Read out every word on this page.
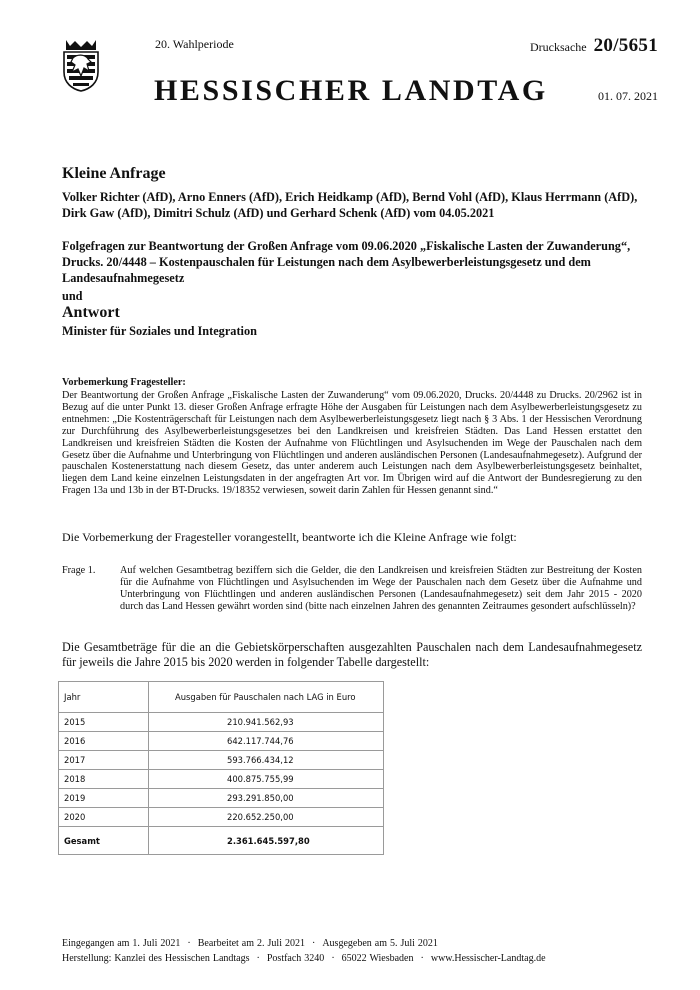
20. Wahlperiode	Drucksache 20/5651
HESSISCHER LANDTAG	01. 07. 2021
Kleine Anfrage
Volker Richter (AfD), Arno Enners (AfD), Erich Heidkamp (AfD), Bernd Vohl (AfD), Klaus Herrmann (AfD), Dirk Gaw (AfD), Dimitri Schulz (AfD) und Gerhard Schenk (AfD) vom 04.05.2021
Folgefragen zur Beantwortung der Großen Anfrage vom 09.06.2020 „Fiskalische Lasten der Zuwanderung“, Drucks. 20/4448 – Kostenpauschalen für Leistungen nach dem Asylbewerberleistungsgesetz und dem Landesaufnahmegesetz
und
Antwort
Minister für Soziales und Integration
Vorbemerkung Fragesteller:
Der Beantwortung der Großen Anfrage „Fiskalische Lasten der Zuwanderung“ vom 09.06.2020, Drucks. 20/4448 zu Drucks. 20/2962 ist in Bezug auf die unter Punkt 13. dieser Großen Anfrage erfragte Höhe der Ausgaben für Leistungen nach dem Asylbewerberleistungsgesetz zu entnehmen: „Die Kostenträgerschaft für Leistungen nach dem Asylbewerberleistungsgesetz liegt nach § 3 Abs. 1 der Hessischen Verordnung zur Durchführung des Asylbewerberleistungsgesetzes bei den Landkreisen und kreisfreien Städten. Das Land Hessen erstattet den Landkreisen und kreisfreien Städten die Kosten der Aufnahme von Flüchtlingen und Asylsuchenden im Wege der Pauschalen nach dem Gesetz über die Aufnahme und Unterbringung von Flüchtlingen und anderen ausländischen Personen (Landesaufnahmegesetz). Aufgrund der pauschalen Kostenerstattung nach diesem Gesetz, das unter anderem auch Leistungen nach dem Asylbewerberleistungsgesetz beinhaltet, liegen dem Land keine einzelnen Leistungsdaten in der angefragten Art vor. Im Übrigen wird auf die Antwort der Bundesregierung zu den Fragen 13a und 13b in der BT-Drucks. 19/18352 verwiesen, soweit darin Zahlen für Hessen genannt sind.“
Die Vorbemerkung der Fragesteller vorangestellt, beantworte ich die Kleine Anfrage wie folgt:
Frage 1. Auf welchen Gesamtbetrag beziffern sich die Gelder, die den Landkreisen und kreisfreien Städten zur Bestreitung der Kosten für die Aufnahme von Flüchtlingen und Asylsuchenden im Wege der Pauschalen nach dem Gesetz über die Aufnahme und Unterbringung von Flüchtlingen und anderen ausländischen Personen (Landesaufnahmegesetz) seit dem Jahr 2015 - 2020 durch das Land Hessen gewährt worden sind (bitte nach einzelnen Jahren des genannten Zeitraumes gesondert aufschlüsseln)?
Die Gesamtbeträge für die an die Gebietskörperschaften ausgezahlten Pauschalen nach dem Landesaufnahmegesetz für jeweils die Jahre 2015 bis 2020 werden in folgender Tabelle dargestellt:
Jahr	Ausgaben für Pauschalen nach LAG in Euro
2015	210.941.562,93
2016	642.117.744,76
2017	593.766.434,12
2018	400.875.755,99
2019	293.291.850,00
2020	220.652.250,00
Gesamt	2.361.645.597,80
Eingegangen am 1. Juli 2021 · Bearbeitet am 2. Juli 2021 · Ausgegeben am 5. Juli 2021
Herstellung: Kanzlei des Hessischen Landtags · Postfach 3240 · 65022 Wiesbaden · www.Hessischer-Landtag.de
